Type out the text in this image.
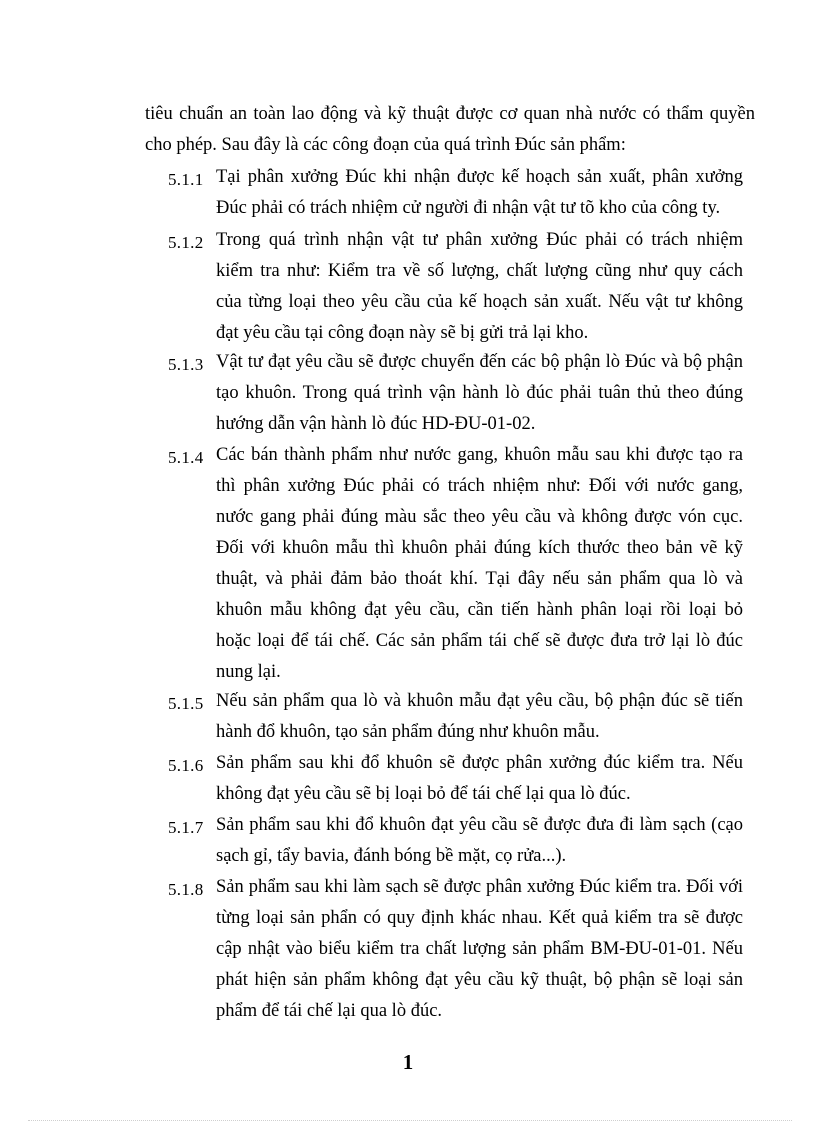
tiêu chuẩn an toàn lao động và kỹ thuật được cơ quan nhà nước có thẩm quyền
cho phép. Sau đây là các công đoạn của quá trình Đúc sản phẩm:
5.1.1 Tại phân xưởng Đúc khi nhận được kế hoạch sản xuất, phân xưởng
Đúc phải có trách nhiệm cử người đi nhận vật tư tõ kho của công ty.
5.1.2 Trong quá trình nhận vật tư phân xưởng Đúc phải có trách nhiệm
kiểm tra như: Kiểm tra về số lượng, chất lượng cũng như quy cách
của từng loại theo yêu cầu của kế hoạch sản xuất. Nếu vật tư không
đạt yêu cầu tại công đoạn này sẽ bị gửi trả lại kho.
5.1.3 Vật tư đạt yêu cầu sẽ được chuyển đến các bộ phận lò Đúc và bộ phận
tạo khuôn. Trong quá trình vận hành lò đúc phải tuân thủ theo đúng
hướng dẫn vận hành lò đúc HD-ĐU-01-02.
5.1.4 Các bán thành phẩm như nước gang, khuôn mẫu sau khi được tạo ra
thì phân xưởng Đúc phải có trách nhiệm như: Đối với nước gang,
nước gang phải đúng màu sắc theo yêu cầu và không được vón cục.
Đối với khuôn mẫu thì khuôn phải đúng kích thước theo bản vẽ kỹ
thuật, và phải đảm bảo thoát khí. Tại đây nếu sản phẩm qua lò và
khuôn mẫu không đạt yêu cầu, cần tiến hành phân loại rồi loại bỏ
hoặc loại để tái chế. Các sản phẩm tái chế sẽ được đưa trở lại lò đúc
nung lại.
5.1.5 Nếu sản phẩm qua lò và khuôn mẫu đạt yêu cầu, bộ phận đúc sẽ tiến
hành đổ khuôn, tạo sản phẩm đúng như khuôn mẫu.
5.1.6 Sản phẩm sau khi đổ khuôn sẽ được phân xưởng đúc kiểm tra. Nếu
không đạt yêu cầu sẽ bị loại bỏ để tái chế lại qua lò đúc.
5.1.7 Sản phẩm sau khi đổ khuôn đạt yêu cầu sẽ được đưa đi làm sạch (cạo
sạch gỉ, tẩy bavia, đánh bóng bề mặt, cọ rửa...).
5.1.8 Sản phẩm sau khi làm sạch sẽ được phân xưởng Đúc kiểm tra. Đối với
từng loại sản phẩn có quy định khác nhau. Kết quả kiểm tra sẽ được
cập nhật vào biểu kiểm tra chất lượng sản phẩm BM-ĐU-01-01. Nếu
phát hiện sản phẩm không đạt yêu cầu kỹ thuật, bộ phận sẽ loại sản
phẩm để tái chế lại qua lò đúc.
1
